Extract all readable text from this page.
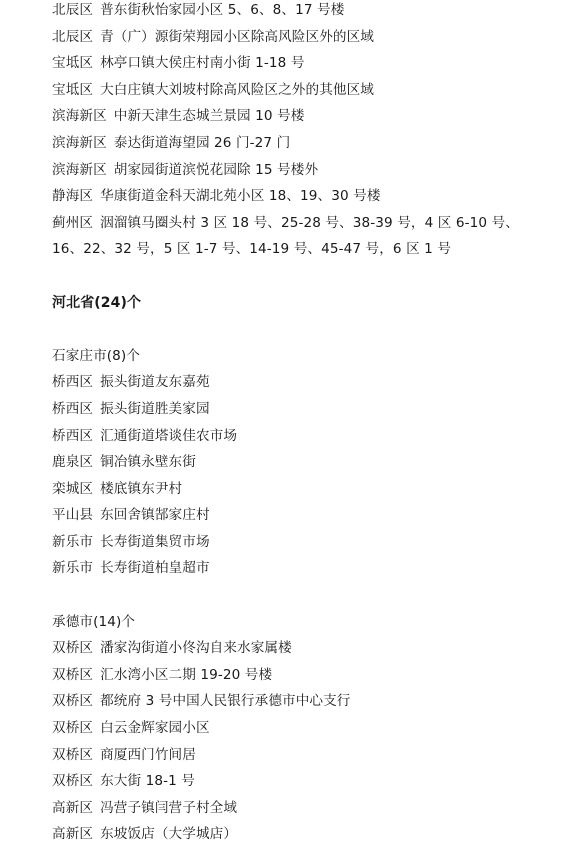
北辰区 普东街秋怡家园小区 5、6、8、17 号楼
北辰区 青（广）源街荣翔园小区除高风险区外的区域
宝坻区 林亭口镇大侯庄村南小街 1-18 号
宝坻区 大白庄镇大刘坡村除高风险区之外的其他区域
滨海新区 中新天津生态城兰景园 10 号楼
滨海新区 泰达街道海望园 26 门-27 门
滨海新区 胡家园街道滨悦花园除 15 号楼外
静海区 华康街道金科天湖北苑小区 18、19、30 号楼
蓟州区 洇溜镇马圈头村 3 区 18 号、25-28 号、38-39 号，4 区 6-10 号、
16、22、32 号，5 区 1-7 号、14-19 号、45-47 号，6 区 1 号
河北省(24)个
石家庄市(8)个
桥西区 振头街道友东嘉苑
桥西区 振头街道胜美家园
桥西区 汇通街道塔谈佳农市场
鹿泉区 铜冶镇永壁东街
栾城区 楼底镇东尹村
平山县 东回舍镇郜家庄村
新乐市 长寿街道集贸市场
新乐市 长寿街道柏皇超市
承德市(14)个
双桥区 潘家沟街道小佟沟自来水家属楼
双桥区 汇水湾小区二期 19-20 号楼
双桥区 都统府 3 号中国人民银行承德市中心支行
双桥区 白云金辉家园小区
双桥区 商厦西门竹间居
双桥区 东大街 18-1 号
高新区 冯营子镇闫营子村全域
高新区 东坡饭店（大学城店）
